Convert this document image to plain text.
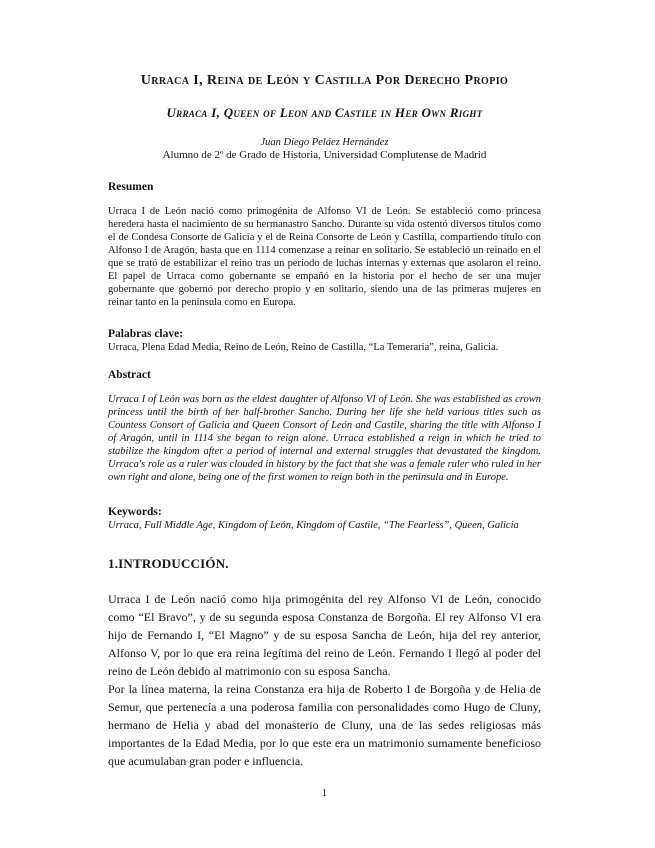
Urraca I, Reina de León y Castilla Por Derecho Propio
Urraca I, Queen of Leon and Castile in Her Own Right
Juan Diego Peláez Hernández
Alumno de 2º de Grado de Historia, Universidad Complutense de Madrid
Resumen
Urraca I de León nació como primogénita de Alfonso VI de León. Se estableció como princesa heredera hasta el nacimiento de su hermanastro Sancho. Durante su vida ostentó diversos títulos como el de Condesa Consorte de Galicia y el de Reina Consorte de León y Castilla, compartiendo título con Alfonso I de Aragón, hasta que en 1114 comenzase a reinar en solitario. Se estableció un reinado en el que se trató de estabilizar el reino tras un periodo de luchas internas y externas que asolaron el reino. El papel de Urraca como gobernante se empañó en la historia por el hecho de ser una mujer gobernante que gobernó por derecho propio y en solitario, siendo una de las primeras mujeres en reinar tanto en la península como en Europa.
Palabras clave:
Urraca, Plena Edad Media, Reino de León, Reino de Castilla, “La Temeraria”, reina, Galicia.
Abstract
Urraca I of León was born as the eldest daughter of Alfonso VI of León. She was established as crown princess until the birth of her half-brother Sancho. During her life she held various titles such as Countess Consort of Galicia and Queen Consort of León and Castile, sharing the title with Alfonso I of Aragón, until in 1114 she began to reign alone. Urraca established a reign in which he tried to stabilize the kingdom after a period of internal and external struggles that devastated the kingdom. Urraca's role as a ruler was clouded in history by the fact that she was a female ruler who ruled in her own right and alone, being one of the first women to reign both in the peninsula and in Europe.
Keywords:
Urraca, Full Middle Age, Kingdom of León, Kingdom of Castile, “The Fearless”, Queen, Galicia
1.INTRODUCCIÓN.
Urraca I de León nació como hija primogénita del rey Alfonso VI de León, conocido como “El Bravo”, y de su segunda esposa Constanza de Borgoña. El rey Alfonso VI era hijo de Fernando I, “El Magno” y de su esposa Sancha de León, hija del rey anterior, Alfonso V, por lo que era reina legítima del reino de León. Fernando I llegó al poder del reino de León debido al matrimonio con su esposa Sancha.
Por la línea materna, la reina Constanza era hija de Roberto I de Borgoña y de Helia de Semur, que pertenecía a una poderosa familia con personalidades como Hugo de Cluny, hermano de Helia y abad del monasterio de Cluny, una de las sedes religiosas más importantes de la Edad Media, por lo que este era un matrimonio sumamente beneficioso que acumulaban gran poder e influencia.
1
